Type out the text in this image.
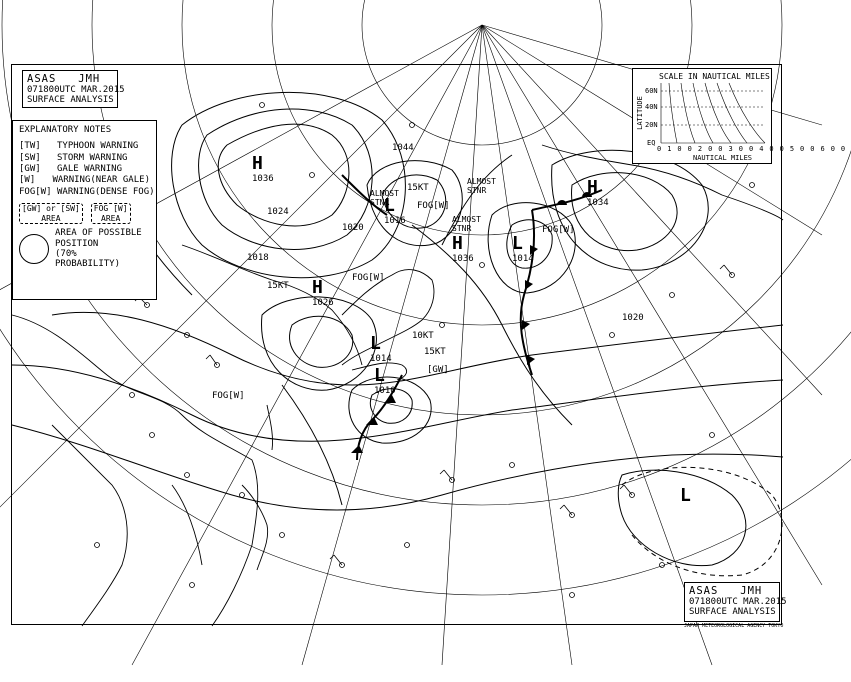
H
1036
1044
L
1016
H
1026
L
1014
L
1010
H
1034
L
1014
H
1036
L
15KT
15KT
10KT
15KT
[GW]
FOG[W]
FOG[W]
FOG[W]
FOG[W]
ALMOST STNR
ALMOST STNR
ALMOST STNR
1020
1024
1018
1020
ASAS JMH
071800UTC MAR.2015
SURFACE ANALYSIS
EXPLANATORY NOTES
[TW]	TYPHOON WARNING
[SW]	STORM WARNING
[GW]	GALE WARNING
[W]	WARNING(NEAR GALE)
FOG[W] WARNING(DENSE FOG)
[GW] or [SW]
AREA
FOG [W]
AREA
AREA OF POSSIBLE POSITION
(70% PROBABILITY)
SCALE IN NAUTICAL MILES
LATITUDE
60N
40N
20N
EQ
0100200300400500600
NAUTICAL MILES
ASAS JMH
071800UTC MAR.2015
SURFACE ANALYSIS
JAPAN METEOROLOGICAL AGENCY TOKYO
